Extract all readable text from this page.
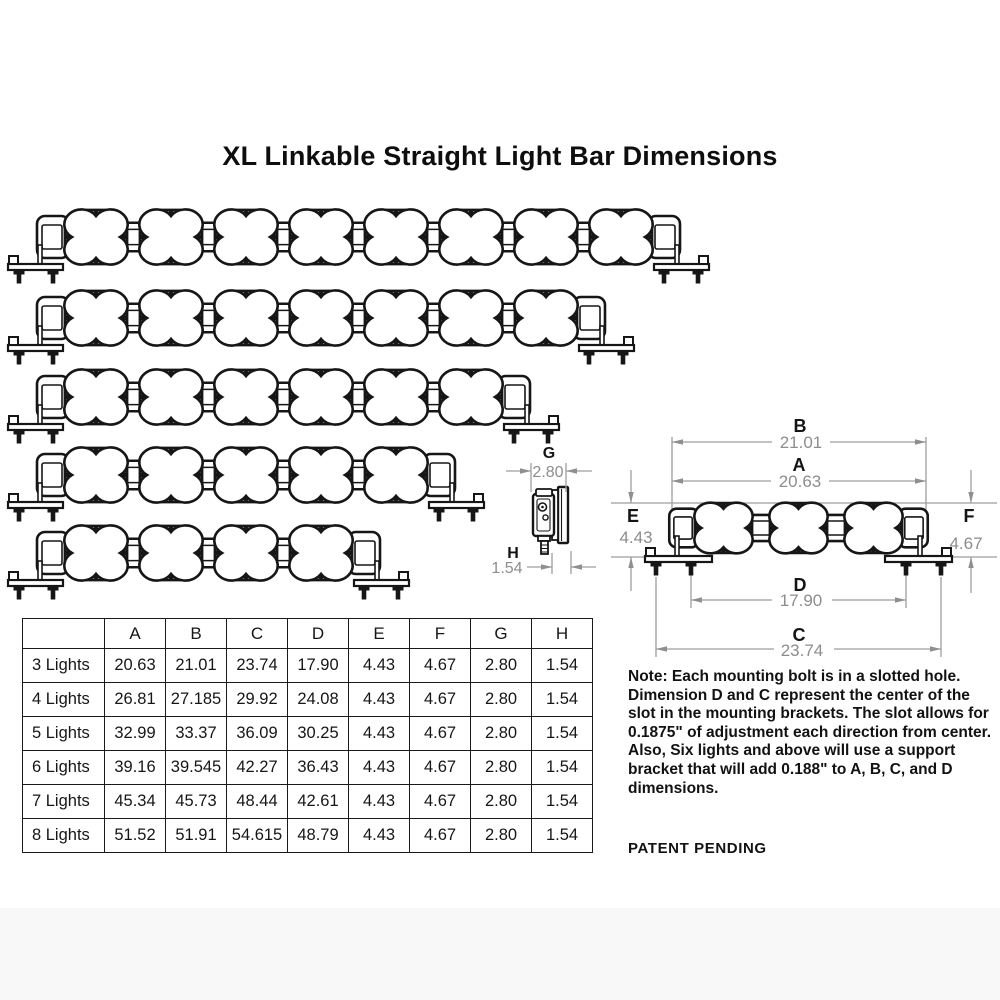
XL Linkable Straight Light Bar Dimensions
G
2.80
H
1.54
B
21.01
A
20.63
E
4.43
F
4.67
D
17.90
C
23.74
	A	B	C	D	E	F	G	H
3 Lights	20.63	21.01	23.74	17.90	4.43	4.67	2.80	1.54
4 Lights	26.81	27.185	29.92	24.08	4.43	4.67	2.80	1.54
5 Lights	32.99	33.37	36.09	30.25	4.43	4.67	2.80	1.54
6 Lights	39.16	39.545	42.27	36.43	4.43	4.67	2.80	1.54
7 Lights	45.34	45.73	48.44	42.61	4.43	4.67	2.80	1.54
8 Lights	51.52	51.91	54.615	48.79	4.43	4.67	2.80	1.54
Note: Each mounting bolt is in a slotted hole. Dimension D and C represent the center of the slot in the mounting brackets. The slot allows for 0.1875" of adjustment each direction from center. Also, Six lights and above will use a support bracket that will add 0.188" to A, B, C, and D dimensions.
PATENT PENDING
